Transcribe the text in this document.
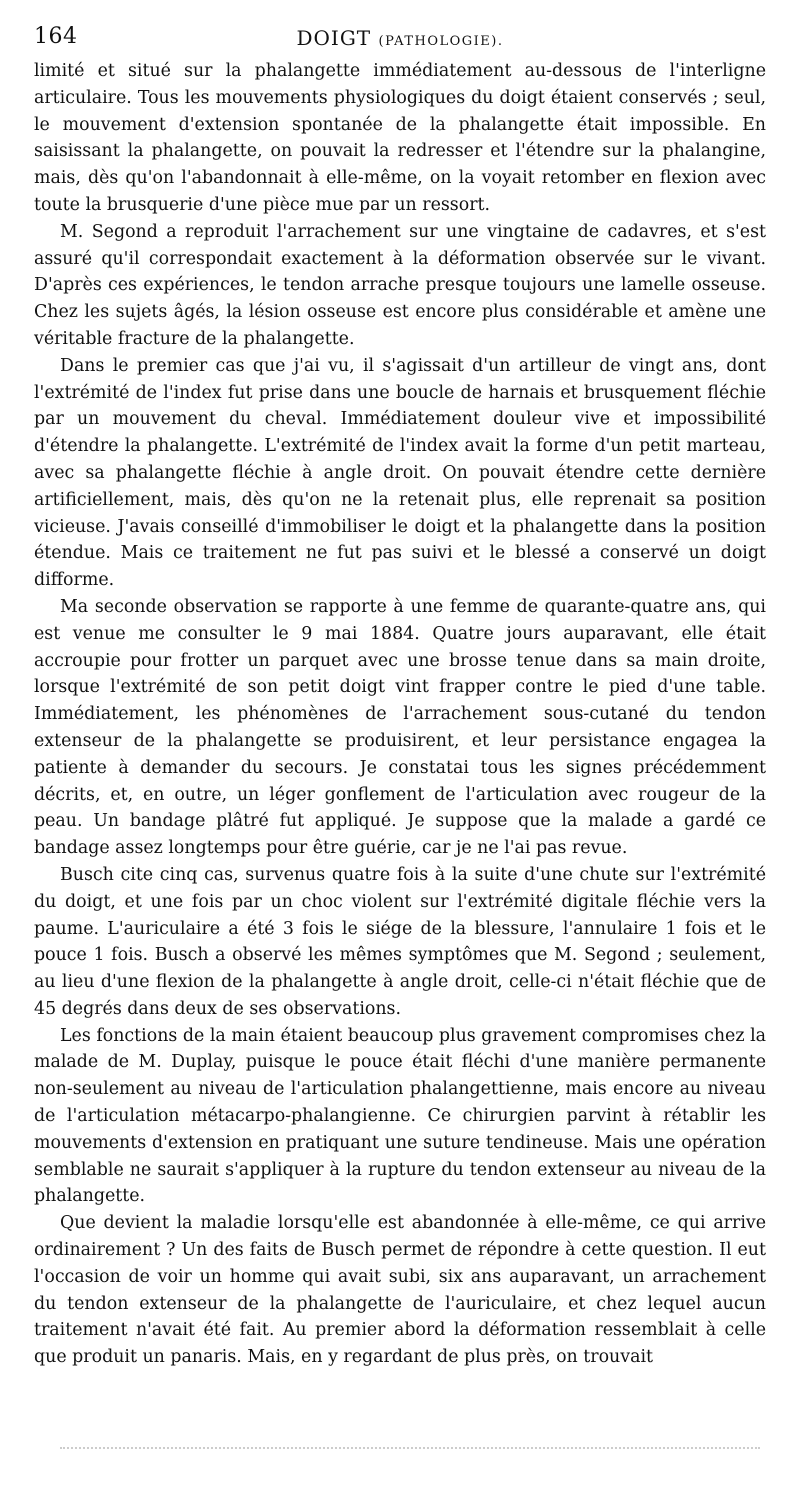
164	DOIGT (PATHOLOGIE).

limité et situé sur la phalangette immédiatement au-dessous de l'interligne articulaire. Tous les mouvements physiologiques du doigt étaient conservés ; seul, le mouvement d'extension spontanée de la phalangette était impossible. En saisissant la phalangette, on pouvait la redresser et l'étendre sur la phalangine, mais, dès qu'on l'abandonnait à elle-même, on la voyait retomber en flexion avec toute la brusquerie d'une pièce mue par un ressort.

M. Segond a reproduit l'arrachement sur une vingtaine de cadavres, et s'est assuré qu'il correspondait exactement à la déformation observée sur le vivant. D'après ces expériences, le tendon arrache presque toujours une lamelle osseuse. Chez les sujets âgés, la lésion osseuse est encore plus considérable et amène une véritable fracture de la phalangette.

Dans le premier cas que j'ai vu, il s'agissait d'un artilleur de vingt ans, dont l'extrémité de l'index fut prise dans une boucle de harnais et brusquement fléchie par un mouvement du cheval. Immédiatement douleur vive et impossibilité d'étendre la phalangette. L'extrémité de l'index avait la forme d'un petit marteau, avec sa phalangette fléchie à angle droit. On pouvait étendre cette dernière artificiellement, mais, dès qu'on ne la retenait plus, elle reprenait sa position vicieuse. J'avais conseillé d'immobiliser le doigt et la phalangette dans la position étendue. Mais ce traitement ne fut pas suivi et le blessé a conservé un doigt difforme.

Ma seconde observation se rapporte à une femme de quarante-quatre ans, qui est venue me consulter le 9 mai 1884. Quatre jours auparavant, elle était accroupie pour frotter un parquet avec une brosse tenue dans sa main droite, lorsque l'extrémité de son petit doigt vint frapper contre le pied d'une table. Immédiatement, les phénomènes de l'arrachement sous-cutané du tendon extenseur de la phalangette se produisirent, et leur persistance engagea la patiente à demander du secours. Je constatai tous les signes précédemment décrits, et, en outre, un léger gonflement de l'articulation avec rougeur de la peau. Un bandage plâtré fut appliqué. Je suppose que la malade a gardé ce bandage assez longtemps pour être guérie, car je ne l'ai pas revue.

Busch cite cinq cas, survenus quatre fois à la suite d'une chute sur l'extrémité du doigt, et une fois par un choc violent sur l'extrémité digitale fléchie vers la paume. L'auriculaire a été 3 fois le siége de la blessure, l'annulaire 1 fois et le pouce 1 fois. Busch a observé les mêmes symptômes que M. Segond ; seulement, au lieu d'une flexion de la phalangette à angle droit, celle-ci n'était fléchie que de 45 degrés dans deux de ses observations.

Les fonctions de la main étaient beaucoup plus gravement compromises chez la malade de M. Duplay, puisque le pouce était fléchi d'une manière permanente non-seulement au niveau de l'articulation phalangettienne, mais encore au niveau de l'articulation métacarpo-phalangienne. Ce chirurgien parvint à rétablir les mouvements d'extension en pratiquant une suture tendineuse. Mais une opération semblable ne saurait s'appliquer à la rupture du tendon extenseur au niveau de la phalangette.

Que devient la maladie lorsqu'elle est abandonnée à elle-même, ce qui arrive ordinairement ? Un des faits de Busch permet de répondre à cette question. Il eut l'occasion de voir un homme qui avait subi, six ans auparavant, un arrachement du tendon extenseur de la phalangette de l'auriculaire, et chez lequel aucun traitement n'avait été fait. Au premier abord la déformation ressemblait à celle que produit un panaris. Mais, en y regardant de plus près, on trouvait
